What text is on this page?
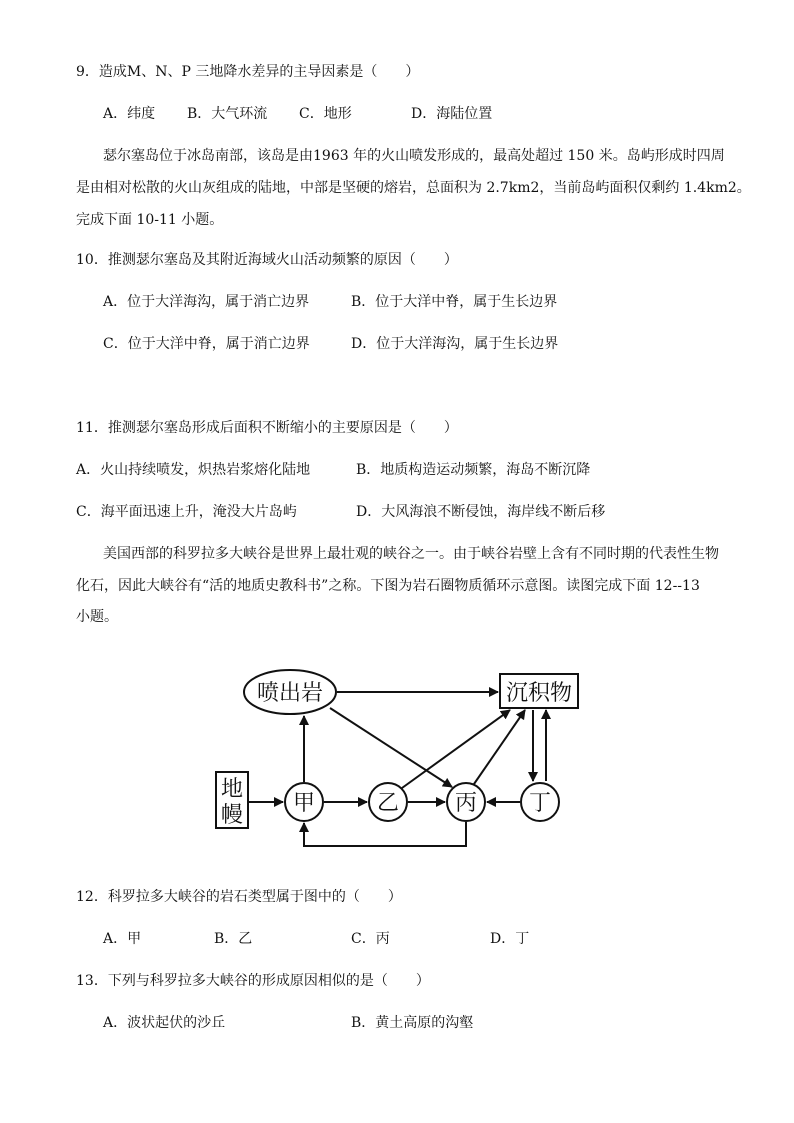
9．造成M、N、P 三地降水差异的主导因素是（　　）
A．纬度 B．大气环流 C．地形	D．海陆位置
瑟尔塞岛位于冰岛南部，该岛是由1963 年的火山喷发形成的，最高处超过 150 米。岛屿形成时四周
是由相对松散的火山灰组成的陆地，中部是坚硬的熔岩，总面积为 2.7km2，当前岛屿面积仅剩约 1.4km2。
完成下面 10-11 小题。
10．推测瑟尔塞岛及其附近海域火山活动频繁的原因（　　）
A．位于大洋海沟，属于消亡边界	B．位于大洋中脊，属于生长边界
C．位于大洋中脊，属于消亡边界	D．位于大洋海沟，属于生长边界
11．推测瑟尔塞岛形成后面积不断缩小的主要原因是（　　）
A．火山持续喷发，炽热岩浆熔化陆地	B．地质构造运动频繁，海岛不断沉降
C．海平面迅速上升，淹没大片岛屿	D．大风海浪不断侵蚀，海岸线不断后移
美国西部的科罗拉多大峡谷是世界上最壮观的峡谷之一。由于峡谷岩壁上含有不同时期的代表性生物
化石，因此大峡谷有“活的地质史教科书”之称。下图为岩石圈物质循环示意图。读图完成下面 12--13
小题。
喷出岩	沉积物
地
幔 甲	乙	丙 丁
12．科罗拉多大峡谷的岩石类型属于图中的（　　）
A．甲	B．乙	C．丙	D．丁
13．下列与科罗拉多大峡谷的形成原因相似的是（　　）
A．波状起伏的沙丘	B．黄土高原的沟壑
